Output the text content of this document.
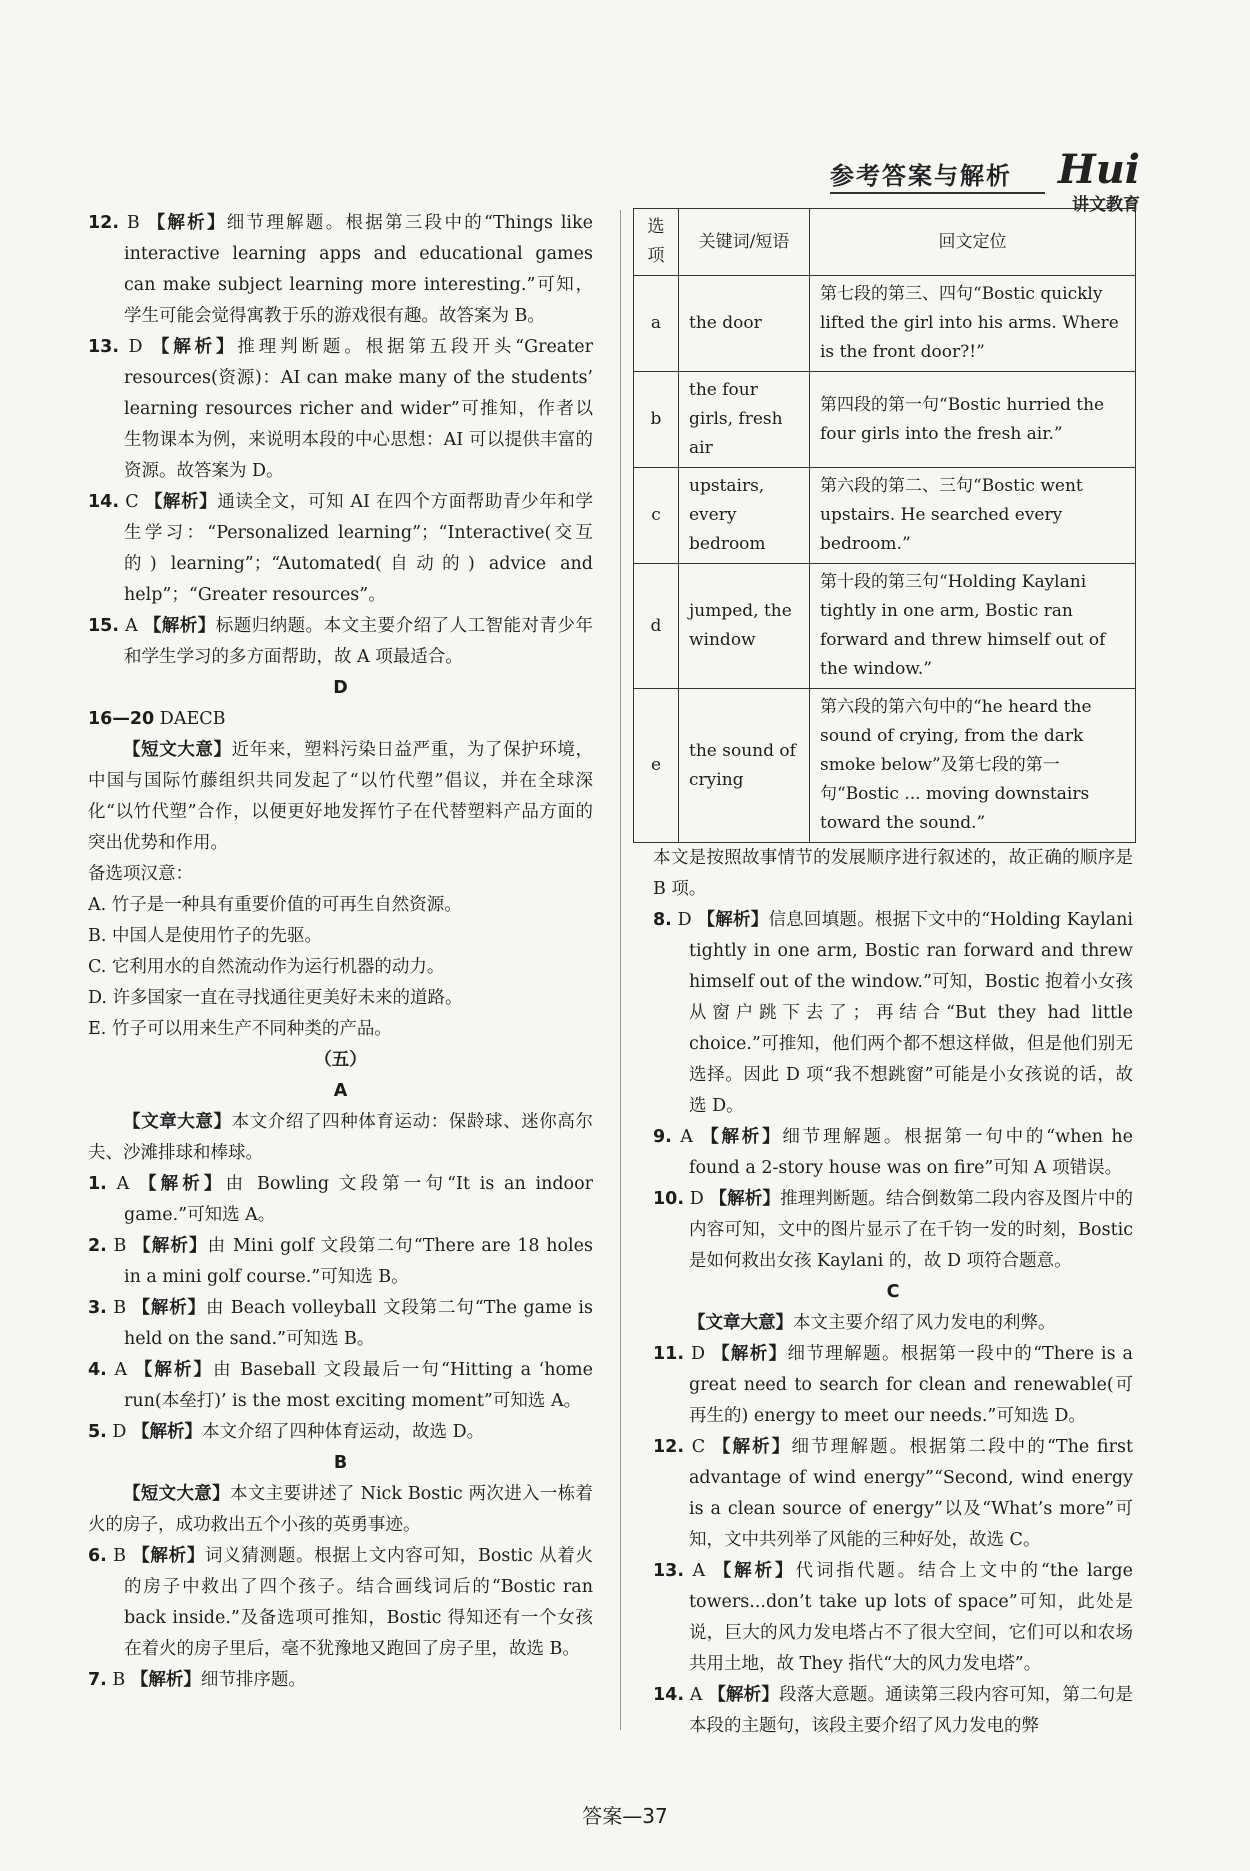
参考答案与解析 Hui
讲文教育

12. B 【解析】细节理解题。根据第三段中的“Things like interactive learning apps and educational games can make subject learning more interesting.”可知，学生可能会觉得寓教于乐的游戏很有趣。故答案为 B。

13. D 【解析】推理判断题。根据第五段开头“Greater resources(资源)：AI can make many of the students’ learning resources richer and wider”可推知，作者以生物课本为例，来说明本段的中心思想：AI 可以提供丰富的资源。故答案为 D。

14. C 【解析】通读全文，可知 AI 在四个方面帮助青少年和学生学习：“Personalized learning”；“Interactive(交互的) learning”；“Automated(自动的) advice and help”；“Greater resources”。

15. A 【解析】标题归纳题。本文主要介绍了人工智能对青少年和学生学习的多方面帮助，故 A 项最适合。

D

16—20 DAECB

【短文大意】近年来，塑料污染日益严重，为了保护环境，中国与国际竹藤组织共同发起了“以竹代塑”倡议，并在全球深化“以竹代塑”合作，以便更好地发挥竹子在代替塑料产品方面的突出优势和作用。

备选项汉意：

A. 竹子是一种具有重要价值的可再生自然资源。

B. 中国人是使用竹子的先驱。

C. 它利用水的自然流动作为运行机器的动力。

D. 许多国家一直在寻找通往更美好未来的道路。

E. 竹子可以用来生产不同种类的产品。

（五）

A

【文章大意】本文介绍了四种体育运动：保龄球、迷你高尔夫、沙滩排球和棒球。

1. A 【解析】由 Bowling 文段第一句“It is an indoor game.”可知选 A。

2. B 【解析】由 Mini golf 文段第二句“There are 18 holes in a mini golf course.”可知选 B。

3. B 【解析】由 Beach volleyball 文段第二句“The game is held on the sand.”可知选 B。

4. A 【解析】由 Baseball 文段最后一句“Hitting a ‘home run(本垒打)’ is the most exciting moment”可知选 A。

5. D 【解析】本文介绍了四种体育运动，故选 D。

B

【短文大意】本文主要讲述了 Nick Bostic 两次进入一栋着火的房子，成功救出五个小孩的英勇事迹。

6. B 【解析】词义猜测题。根据上文内容可知，Bostic 从着火的房子中救出了四个孩子。结合画线词后的“Bostic ran back inside.”及备选项可推知，Bostic 得知还有一个女孩在着火的房子里后，毫不犹豫地又跑回了房子里，故选 B。

7. B 【解析】细节排序题。

选项	关键词/短语	回文定位
a	the door	第七段的第三、四句“Bostic quickly lifted the girl into his arms. Where is the front door?!”
b	the four girls, fresh air	第四段的第一句“Bostic hurried the four girls into the fresh air.”
c	upstairs, every bedroom	第六段的第二、三句“Bostic went upstairs. He searched every bedroom.”
d	jumped, the window	第十段的第三句“Holding Kaylani tightly in one arm, Bostic ran forward and threw himself out of the window.”
e	the sound of crying	第六段的第六句中的“he heard the sound of crying, from the dark smoke below”及第七段的第一句“Bostic ... moving downstairs toward the sound.”

本文是按照故事情节的发展顺序进行叙述的，故正确的顺序是 B 项。

8. D 【解析】信息回填题。根据下文中的“Holding Kaylani tightly in one arm, Bostic ran forward and threw himself out of the window.”可知，Bostic 抱着小女孩从窗户跳下去了；再结合“But they had little choice.”可推知，他们两个都不想这样做，但是他们别无选择。因此 D 项“我不想跳窗”可能是小女孩说的话，故选 D。

9. A 【解析】细节理解题。根据第一句中的“when he found a 2-story house was on fire”可知 A 项错误。

10. D 【解析】推理判断题。结合倒数第二段内容及图片中的内容可知，文中的图片显示了在千钧一发的时刻，Bostic 是如何救出女孩 Kaylani 的，故 D 项符合题意。

C

【文章大意】本文主要介绍了风力发电的利弊。

11. D 【解析】细节理解题。根据第一段中的“There is a great need to search for clean and renewable(可再生的) energy to meet our needs.”可知选 D。

12. C 【解析】细节理解题。根据第二段中的“The first advantage of wind energy”“Second, wind energy is a clean source of energy”以及“What’s more”可知，文中共列举了风能的三种好处，故选 C。

13. A 【解析】代词指代题。结合上文中的“the large towers...don’t take up lots of space”可知，此处是说，巨大的风力发电塔占不了很大空间，它们可以和农场共用土地，故 They 指代“大的风力发电塔”。

14. A 【解析】段落大意题。通读第三段内容可知，第二句是本段的主题句，该段主要介绍了风力发电的弊

答案—37
